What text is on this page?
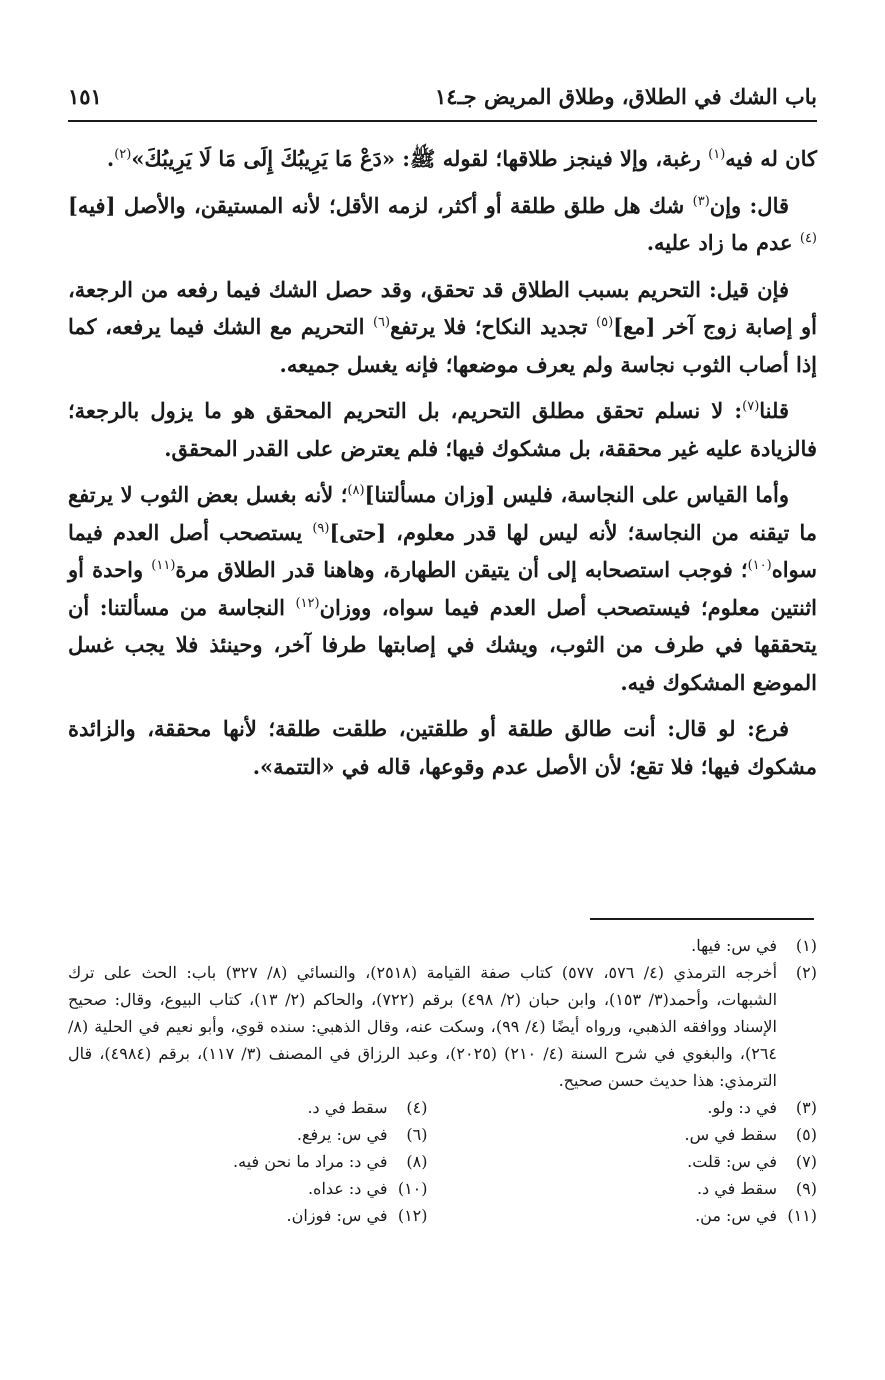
باب الشك في الطلاق، وطلاق المريض جـ١٤
١٥١

كان له فيه$^{(١)}$ رغبة، وإلا فينجز طلاقها؛ لقوله ﷺ: «دَعْ مَا يَرِيبُكَ إِلَى مَا لَا يَرِيبُكَ»$^{(٢)}$.

قال: وإن$^{(٣)}$ شك هل طلق طلقة أو أكثر، لزمه الأقل؛ لأنه المستيقن، والأصل [فيه]$^{(٤)}$ عدم ما زاد عليه.

فإن قيل: التحريم بسبب الطلاق قد تحقق، وقد حصل الشك فيما رفعه من الرجعة، أو إصابة زوج آخر [مع]$^{(٥)}$ تجديد النكاح؛ فلا يرتفع$^{(٦)}$ التحريم مع الشك فيما يرفعه، كما إذا أصاب الثوب نجاسة ولم يعرف موضعها؛ فإنه يغسل جميعه.

قلنا$^{(٧)}$: لا نسلم تحقق مطلق التحريم، بل التحريم المحقق هو ما يزول بالرجعة؛ فالزيادة عليه غير محققة، بل مشكوك فيها؛ فلم يعترض على القدر المحقق.

وأما القياس على النجاسة، فليس [وزان مسألتنا]$^{(٨)}$؛ لأنه بغسل بعض الثوب لا يرتفع ما تيقنه من النجاسة؛ لأنه ليس لها قدر معلوم، [حتى]$^{(٩)}$ يستصحب أصل العدم فيما سواه$^{(١٠)}$؛ فوجب استصحابه إلى أن يتيقن الطهارة، وهاهنا قدر الطلاق مرة$^{(١١)}$ واحدة أو اثنتين معلوم؛ فيستصحب أصل العدم فيما سواه، ووزان$^{(١٢)}$ النجاسة من مسألتنا: أن يتحققها في طرف من الثوب، ويشك في إصابتها طرفا آخر، وحينئذ فلا يجب غسل الموضع المشكوك فيه.

فرع: لو قال: أنت طالق طلقة أو طلقتين، طلقت طلقة؛ لأنها محققة، والزائدة مشكوك فيها؛ فلا تقع؛ لأن الأصل عدم وقوعها، قاله في «التتمة».

(١)
في س: فيها.
(٢)
أخرجه الترمذي (٤/ ٥٧٦، ٥٧٧) كتاب صفة القيامة (٢٥١٨)، والنسائي (٨/ ٣٢٧) باب: الحث على ترك الشبهات، وأحمد(٣/ ١٥٣)، وابن حبان (٢/ ٤٩٨) برقم (٧٢٢)، والحاكم (٢/ ١٣)، كتاب البيوع، وقال: صحيح الإسناد ووافقه الذهبي، ورواه أيضًا (٤/ ٩٩)، وسكت عنه، وقال الذهبي: سنده قوي، وأبو نعيم في الحلية (٨/ ٢٦٤)، والبغوي في شرح السنة (٤/ ٢١٠) (٢٠٢٥)، وعبد الرزاق في المصنف (٣/ ١١٧)، برقم (٤٩٨٤)، قال الترمذي: هذا حديث حسن صحيح.
(٣)
في د: ولو.
(٤)
سقط في د.
(٥)
سقط في س.
(٦)
في س: يرفع.
(٧)
في س: قلت.
(٨)
في د: مراد ما نحن فيه.
(٩)
سقط في د.
(١٠)
في د: عداه.
(١١)
في س: من.
(١٢)
في س: فوزان.
